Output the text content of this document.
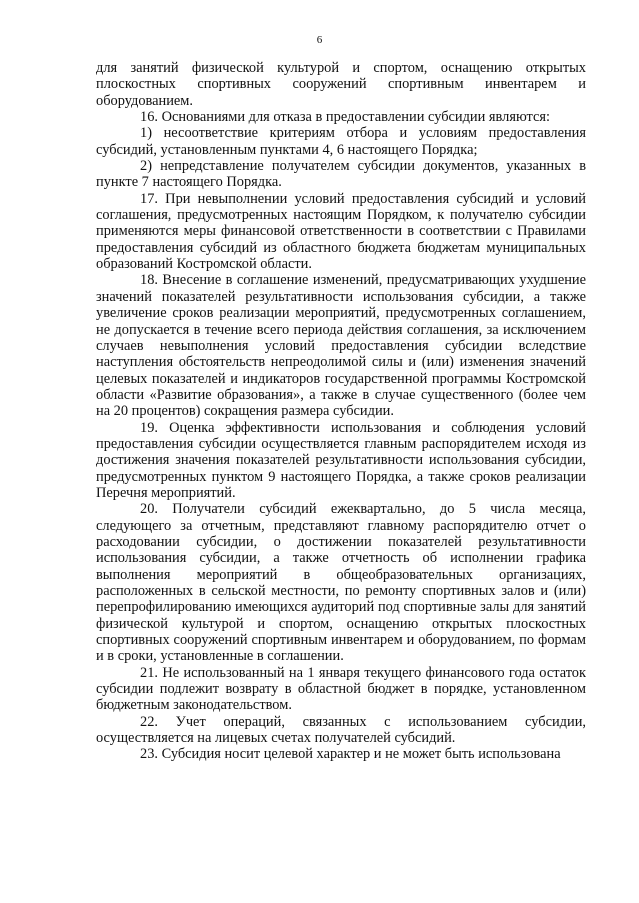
6

для занятий физической культурой и спортом, оснащению открытых плоскостных спортивных сооружений спортивным инвентарем и оборудованием.

16. Основаниями для отказа в предоставлении субсидии являются:

1) несоответствие критериям отбора и условиям предоставления субсидий, установленным пунктами 4, 6 настоящего Порядка;

2) непредставление получателем субсидии документов, указанных в пункте 7 настоящего Порядка.

17. При невыполнении условий предоставления субсидий и условий соглашения, предусмотренных настоящим Порядком, к получателю субсидии применяются меры финансовой ответственности в соответствии с Правилами предоставления субсидий из областного бюджета бюджетам муниципальных образований Костромской области.

18. Внесение в соглашение изменений, предусматривающих ухудшение значений показателей результативности использования субсидии, а также увеличение сроков реализации мероприятий, предусмотренных соглашением, не допускается в течение всего периода действия соглашения, за исключением случаев невыполнения условий предоставления субсидии вследствие наступления обстоятельств непреодолимой силы и (или) изменения значений целевых показателей и индикаторов государственной программы Костромской области «Развитие образования», а также в случае существенного (более чем на 20 процентов) сокращения размера субсидии.

19. Оценка эффективности использования и соблюдения условий предоставления субсидии осуществляется главным распорядителем исходя из достижения значения показателей результативности использования субсидии, предусмотренных пунктом 9 настоящего Порядка, а также сроков реализации Перечня мероприятий.

20. Получатели субсидий ежеквартально, до 5 числа месяца, следующего за отчетным, представляют главному распорядителю отчет о расходовании субсидии, о достижении показателей результативности использования субсидии, а также отчетность об исполнении графика выполнения мероприятий в общеобразовательных организациях, расположенных в сельской местности, по ремонту спортивных залов и (или) перепрофилированию имеющихся аудиторий под спортивные залы для занятий физической культурой и спортом, оснащению открытых плоскостных спортивных сооружений спортивным инвентарем и оборудованием, по формам и в сроки, установленные в соглашении.

21. Не использованный на 1 января текущего финансового года остаток субсидии подлежит возврату в областной бюджет в порядке, установленном бюджетным законодательством.

22. Учет операций, связанных с использованием субсидии, осуществляется на лицевых счетах получателей субсидий.

23. Субсидия носит целевой характер и не может быть использована
